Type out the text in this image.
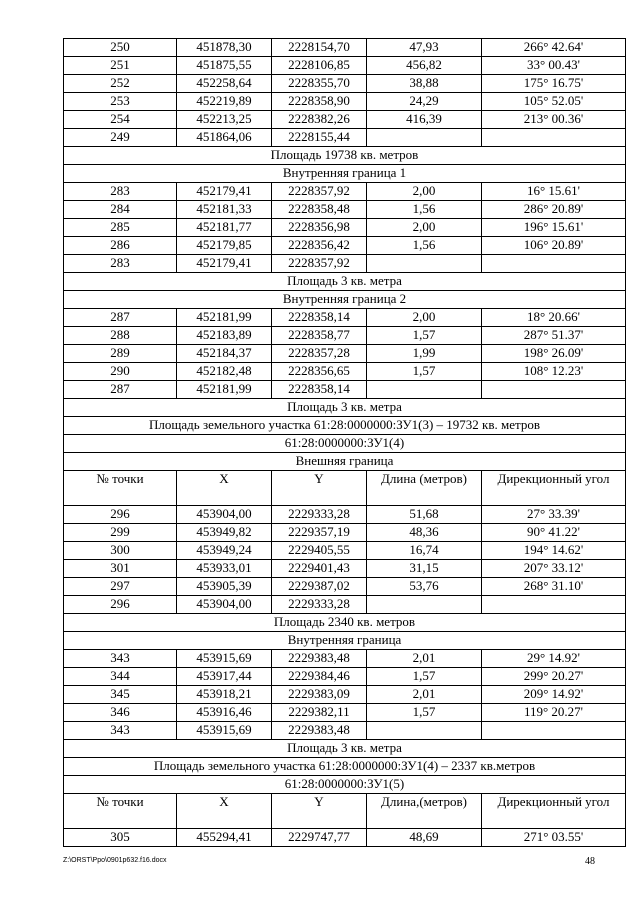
250	451878,30	2228154,70	47,93	266° 42.64'
251	451875,55	2228106,85	456,82	33° 00.43'
252	452258,64	2228355,70	38,88	175° 16.75'
253	452219,89	2228358,90	24,29	105° 52.05'
254	452213,25	2228382,26	416,39	213° 00.36'
249	451864,06	2228155,44		
Площадь 19738 кв. метров				
Внутренняя граница 1				
283	452179,41	2228357,92	2,00	16° 15.61'
284	452181,33	2228358,48	1,56	286° 20.89'
285	452181,77	2228356,98	2,00	196° 15.61'
286	452179,85	2228356,42	1,56	106° 20.89'
283	452179,41	2228357,92		
Площадь 3 кв. метра				
Внутренняя граница 2				
287	452181,99	2228358,14	2,00	18° 20.66'
288	452183,89	2228358,77	1,57	287° 51.37'
289	452184,37	2228357,28	1,99	198° 26.09'
290	452182,48	2228356,65	1,57	108° 12.23'
287	452181,99	2228358,14		
Площадь 3 кв. метра				
Площадь земельного участка 61:28:0000000:ЗУ1(3) – 19732 кв. метров				
61:28:0000000:ЗУ1(4)				
Внешняя граница				
№ точки	X	Y	Длина (метров)	Дирекционный угол
296	453904,00	2229333,28	51,68	27° 33.39'
299	453949,82	2229357,19	48,36	90° 41.22'
300	453949,24	2229405,55	16,74	194° 14.62'
301	453933,01	2229401,43	31,15	207° 33.12'
297	453905,39	2229387,02	53,76	268° 31.10'
296	453904,00	2229333,28		
Площадь 2340 кв. метров				
Внутренняя граница				
343	453915,69	2229383,48	2,01	29° 14.92'
344	453917,44	2229384,46	1,57	299° 20.27'
345	453918,21	2229383,09	2,01	209° 14.92'
346	453916,46	2229382,11	1,57	119° 20.27'
343	453915,69	2229383,48		
Площадь 3 кв. метра				
Площадь земельного участка 61:28:0000000:ЗУ1(4) – 2337 кв.метров				
61:28:0000000:ЗУ1(5)				
№ точки	X	Y	Длина,(метров)	Дирекционный угол
305	455294,41	2229747,77	48,69	271° 03.55'
Z:\ORST\Ppo\0901p632.f16.docx	48
